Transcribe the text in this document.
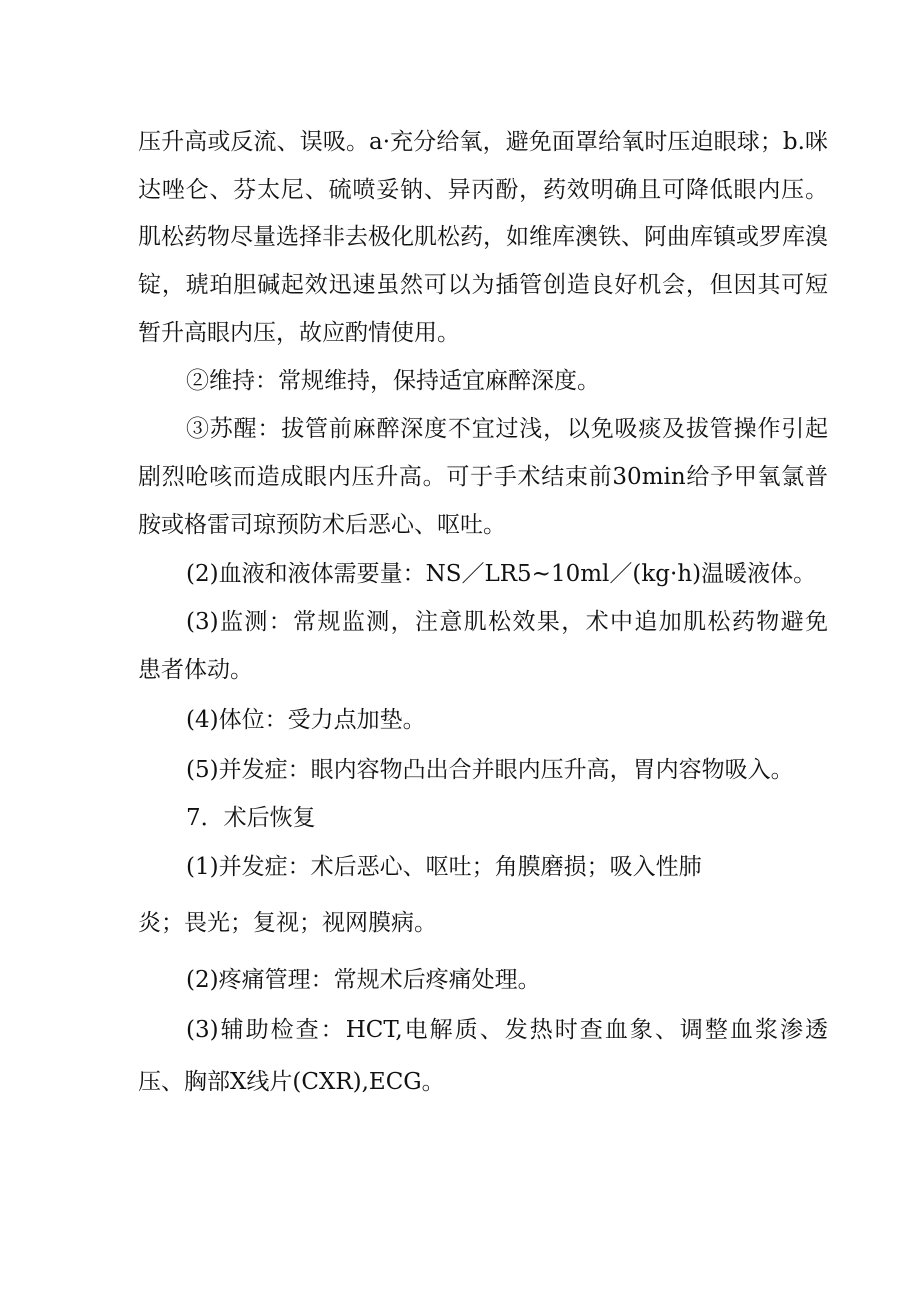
压升高或反流、误吸。a·充分给氧，避免面罩给氧时压迫眼球；b.咪
达唑仑、芬太尼、硫喷妥钠、异丙酚，药效明确且可降低眼内压。
肌松药物尽量选择非去极化肌松药，如维库澳铁、阿曲库镇或罗库溴
锭，琥珀胆碱起效迅速虽然可以为插管创造良好机会，但因其可短
暂升高眼内压，故应酌情使用。
②维持：常规维持，保持适宜麻醉深度。
③苏醒：拔管前麻醉深度不宜过浅，以免吸痰及拔管操作引起
剧烈呛咳而造成眼内压升高。可于手术结束前30min给予甲氧氯普
胺或格雷司琼预防术后恶心、呕吐。
(2)血液和液体需要量：NS／LR5~10ml／(kg·h)温暖液体。
(3)监测：常规监测，注意肌松效果，术中追加肌松药物避免
患者体动。
(4)体位：受力点加垫。
(5)并发症：眼内容物凸出合并眼内压升高，胃内容物吸入。
7．术后恢复
(1)并发症：术后恶心、呕吐；角膜磨损；吸入性肺
炎；畏光；复视；视网膜病。
(2)疼痛管理：常规术后疼痛处理。
(3)辅助检查：HCT,电解质、发热时查血象、调整血浆渗透
压、胸部X线片(CXR),ECG。
